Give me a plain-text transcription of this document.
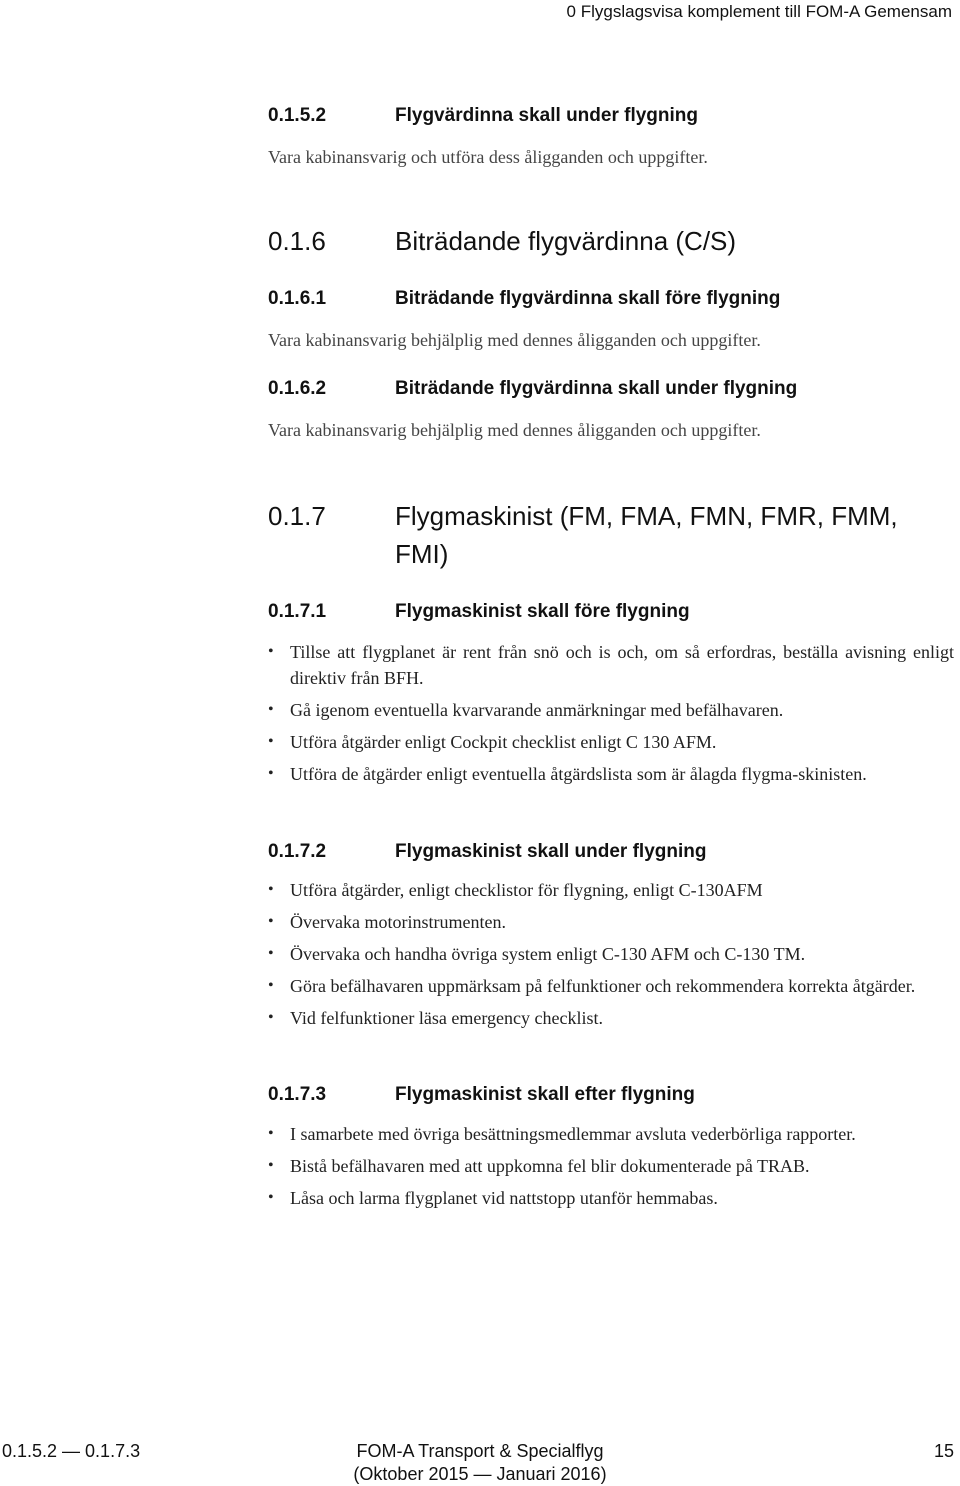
0 Flygslagsvisa komplement till FOM-A Gemensam
0.1.5.2	Flygvärdinna skall under flygning
Vara kabinansvarig och utföra dess åligganden och uppgifter.
0.1.6	Biträdande flygvärdinna (C/S)
0.1.6.1	Biträdande flygvärdinna skall före flygning
Vara kabinansvarig behjälplig med dennes åligganden och uppgifter.
0.1.6.2	Biträdande flygvärdinna skall under flygning
Vara kabinansvarig behjälplig med dennes åligganden och uppgifter.
0.1.7	Flygmaskinist (FM, FMA, FMN, FMR, FMM, FMI)
0.1.7.1	Flygmaskinist skall före flygning
• Tillse att flygplanet är rent från snö och is och, om så erfordras, beställa avisning enligt direktiv från BFH.
• Gå igenom eventuella kvarvarande anmärkningar med befälhavaren.
• Utföra åtgärder enligt Cockpit checklist enligt C 130 AFM.
• Utföra de åtgärder enligt eventuella åtgärdslista som är ålagda flygma-skinisten.
0.1.7.2	Flygmaskinist skall under flygning
• Utföra åtgärder, enligt checklistor för flygning, enligt C-130AFM
• Övervaka motorinstrumenten.
• Övervaka och handha övriga system enligt C-130 AFM och C-130 TM.
• Göra befälhavaren uppmärksam på felfunktioner och rekommendera korrekta åtgärder.
• Vid felfunktioner läsa emergency checklist.
0.1.7.3	Flygmaskinist skall efter flygning
• I samarbete med övriga besättningsmedlemmar avsluta vederbörliga rapporter.
• Bistå befälhavaren med att uppkomna fel blir dokumenterade på TRAB.
• Låsa och larma flygplanet vid nattstopp utanför hemmabas.
0.1.5.2 — 0.1.7.3	FOM-A Transport & Specialflyg
(Oktober 2015 — Januari 2016)
15
